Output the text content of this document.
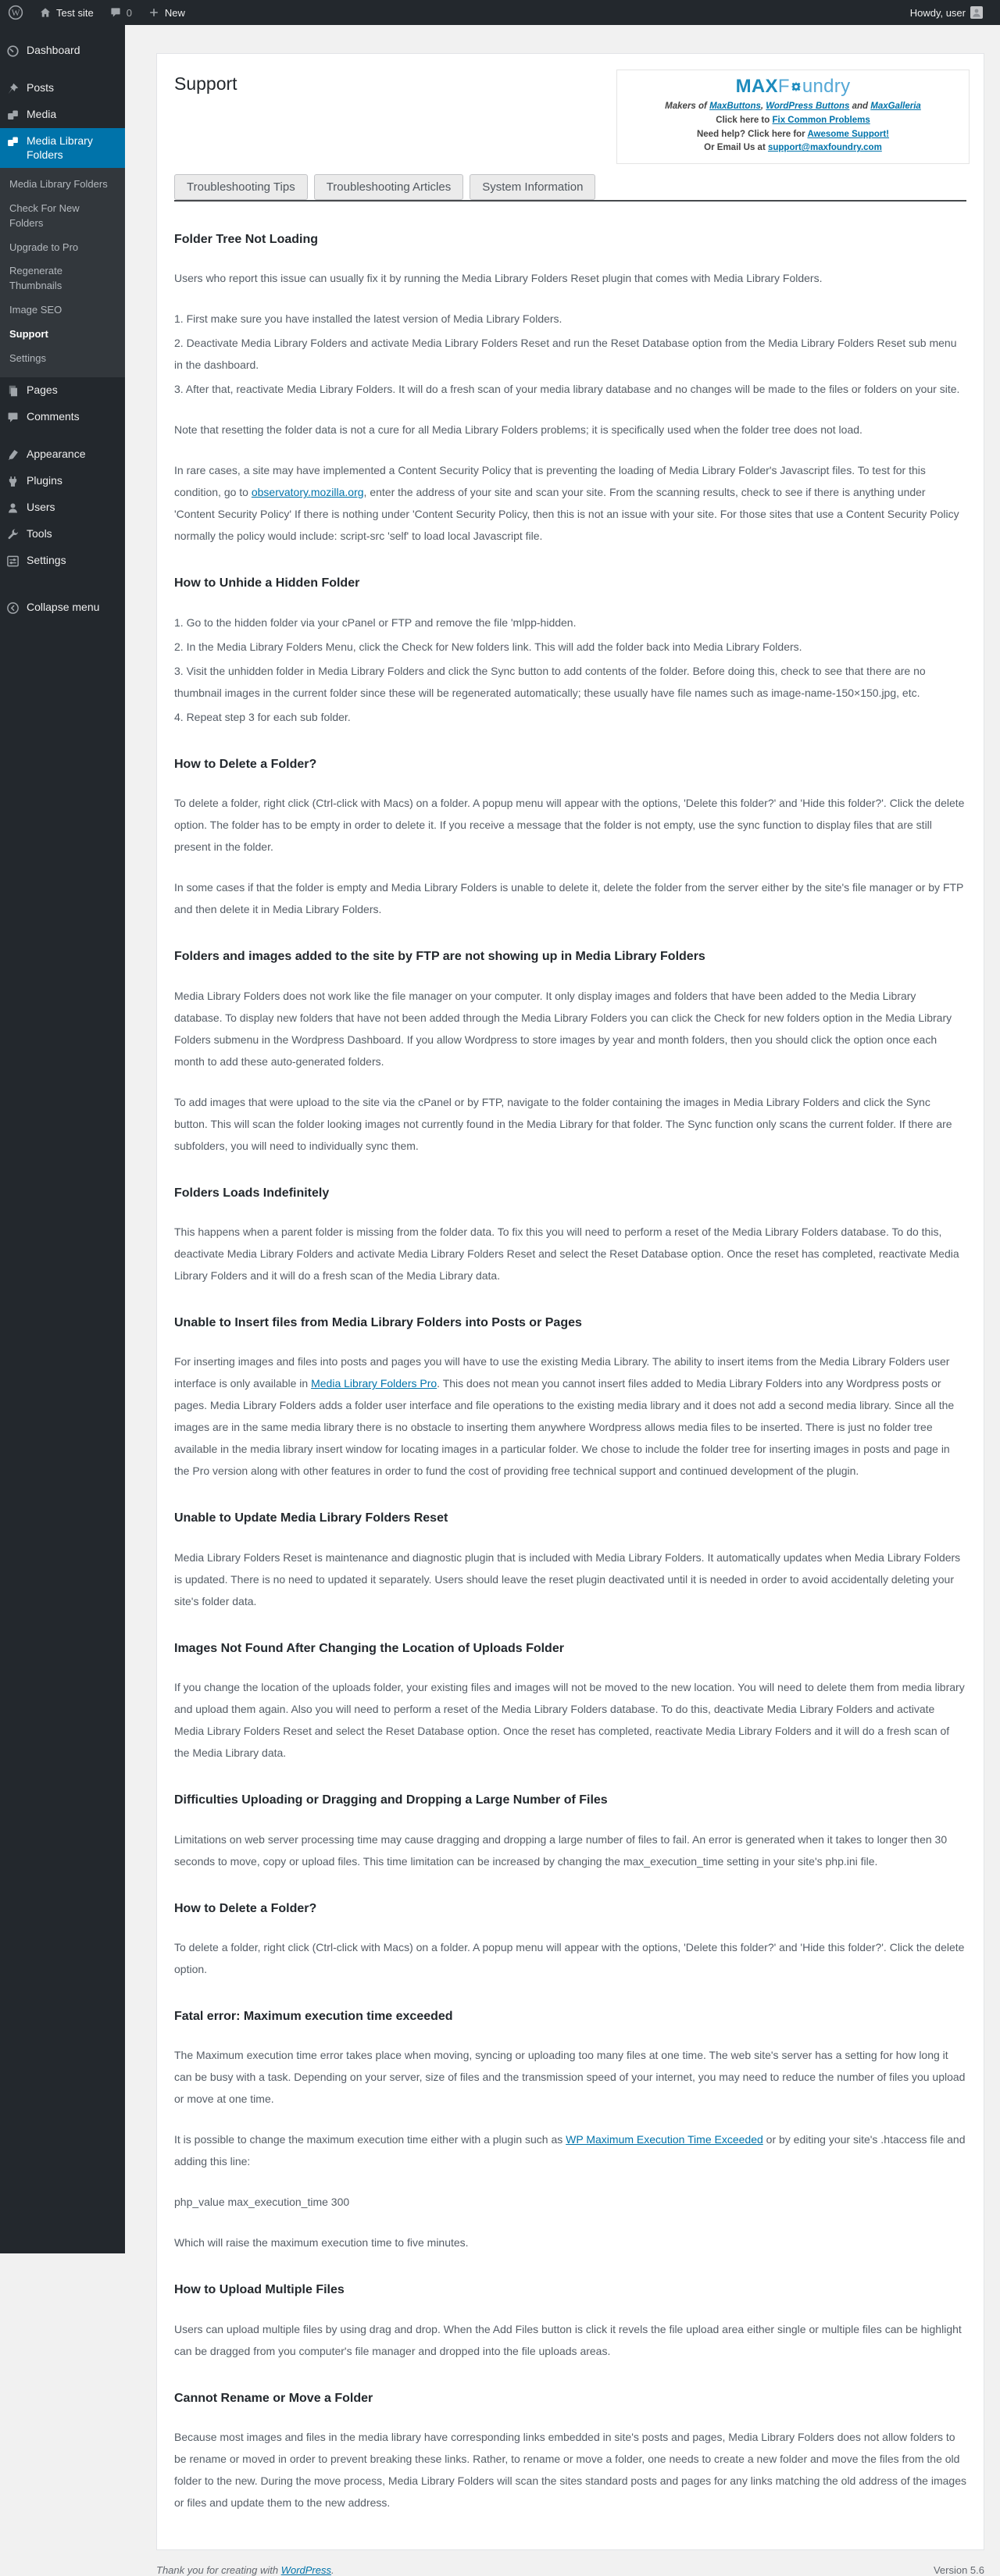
W	Test site	0	New	Howdy, user
Dashboard
Posts
Media
Media Library Folders
Media Library Folders
Check For New Folders
Upgrade to Pro
Regenerate Thumbnails
Image SEO
Support
Settings
Pages
Comments
Appearance
Plugins
Users
Tools
Settings
Collapse menu
Support	MAXF undry
Makers of MaxButtons, WordPress Buttons and MaxGalleria
Click here to Fix Common Problems
Need help? Click here for Awesome Support!
Or Email Us at support@maxfoundry.com
Troubleshooting Tips	Troubleshooting Articles	System Information
Folder Tree Not Loading
Users who report this issue can usually fix it by running the Media Library Folders Reset plugin that comes with Media Library Folders.
1. First make sure you have installed the latest version of Media Library Folders.
2. Deactivate Media Library Folders and activate Media Library Folders Reset and run the Reset Database option from the Media Library Folders Reset sub menu in the dashboard.
3. After that, reactivate Media Library Folders. It will do a fresh scan of your media library database and no changes will be made to the files or folders on your site.
Note that resetting the folder data is not a cure for all Media Library Folders problems; it is specifically used when the folder tree does not load.
In rare cases, a site may have implemented a Content Security Policy that is preventing the loading of Media Library Folder's Javascript files. To test for this condition, go to observatory.mozilla.org, enter the address of your site and scan your site. From the scanning results, check to see if there is anything under 'Content Security Policy' If there is nothing under 'Content Security Policy, then this is not an issue with your site. For those sites that use a Content Security Policy normally the policy would include: script-src 'self' to load local Javascript file.
How to Unhide a Hidden Folder
1. Go to the hidden folder via your cPanel or FTP and remove the file 'mlpp-hidden.
2. In the Media Library Folders Menu, click the Check for New folders link. This will add the folder back into Media Library Folders.
3. Visit the unhidden folder in Media Library Folders and click the Sync button to add contents of the folder. Before doing this, check to see that there are no thumbnail images in the current folder since these will be regenerated automatically; these usually have file names such as image-name-150×150.jpg, etc.
4. Repeat step 3 for each sub folder.
How to Delete a Folder?
To delete a folder, right click (Ctrl-click with Macs) on a folder. A popup menu will appear with the options, 'Delete this folder?' and 'Hide this folder?'. Click the delete option. The folder has to be empty in order to delete it. If you receive a message that the folder is not empty, use the sync function to display files that are still present in the folder.
In some cases if that the folder is empty and Media Library Folders is unable to delete it, delete the folder from the server either by the site's file manager or by FTP and then delete it in Media Library Folders.
Folders and images added to the site by FTP are not showing up in Media Library Folders
Media Library Folders does not work like the file manager on your computer. It only display images and folders that have been added to the Media Library database. To display new folders that have not been added through the Media Library Folders you can click the Check for new folders option in the Media Library Folders submenu in the Wordpress Dashboard. If you allow Wordpress to store images by year and month folders, then you should click the option once each month to add these auto-generated folders.
To add images that were upload to the site via the cPanel or by FTP, navigate to the folder containing the images in Media Library Folders and click the Sync button. This will scan the folder looking images not currently found in the Media Library for that folder. The Sync function only scans the current folder. If there are subfolders, you will need to individually sync them.
Folders Loads Indefinitely
This happens when a parent folder is missing from the folder data. To fix this you will need to perform a reset of the Media Library Folders database. To do this, deactivate Media Library Folders and activate Media Library Folders Reset and select the Reset Database option. Once the reset has completed, reactivate Media Library Folders and it will do a fresh scan of the Media Library data.
Unable to Insert files from Media Library Folders into Posts or Pages
For inserting images and files into posts and pages you will have to use the existing Media Library. The ability to insert items from the Media Library Folders user interface is only available in Media Library Folders Pro. This does not mean you cannot insert files added to Media Library Folders into any Wordpress posts or pages. Media Library Folders adds a folder user interface and file operations to the existing media library and it does not add a second media library. Since all the images are in the same media library there is no obstacle to inserting them anywhere Wordpress allows media files to be inserted. There is just no folder tree available in the media library insert window for locating images in a particular folder. We chose to include the folder tree for inserting images in posts and page in the Pro version along with other features in order to fund the cost of providing free technical support and continued development of the plugin.
Unable to Update Media Library Folders Reset
Media Library Folders Reset is maintenance and diagnostic plugin that is included with Media Library Folders. It automatically updates when Media Library Folders is updated. There is no need to updated it separately. Users should leave the reset plugin deactivated until it is needed in order to avoid accidentally deleting your site's folder data.
Images Not Found After Changing the Location of Uploads Folder
If you change the location of the uploads folder, your existing files and images will not be moved to the new location. You will need to delete them from media library and upload them again. Also you will need to perform a reset of the Media Library Folders database. To do this, deactivate Media Library Folders and activate Media Library Folders Reset and select the Reset Database option. Once the reset has completed, reactivate Media Library Folders and it will do a fresh scan of the Media Library data.
Difficulties Uploading or Dragging and Dropping a Large Number of Files
Limitations on web server processing time may cause dragging and dropping a large number of files to fail. An error is generated when it takes to longer then 30 seconds to move, copy or upload files. This time limitation can be increased by changing the max_execution_time setting in your site's php.ini file.
How to Delete a Folder?
To delete a folder, right click (Ctrl-click with Macs) on a folder. A popup menu will appear with the options, 'Delete this folder?' and 'Hide this folder?'. Click the delete option.
Fatal error: Maximum execution time exceeded
The Maximum execution time error takes place when moving, syncing or uploading too many files at one time. The web site's server has a setting for how long it can be busy with a task. Depending on your server, size of files and the transmission speed of your internet, you may need to reduce the number of files you upload or move at one time.
It is possible to change the maximum execution time either with a plugin such as WP Maximum Execution Time Exceeded or by editing your site's .htaccess file and adding this line:
php_value max_execution_time 300
Which will raise the maximum execution time to five minutes.
How to Upload Multiple Files
Users can upload multiple files by using drag and drop. When the Add Files button is click it revels the file upload area either single or multiple files can be highlight can be dragged from you computer's file manager and dropped into the file uploads areas.
Cannot Rename or Move a Folder
Because most images and files in the media library have corresponding links embedded in site's posts and pages, Media Library Folders does not allow folders to be rename or moved in order to prevent breaking these links. Rather, to rename or move a folder, one needs to create a new folder and move the files from the old folder to the new. During the move process, Media Library Folders will scan the sites standard posts and pages for any links matching the old address of the images or files and update them to the new address.
Thank you for creating with WordPress.	Version 5.6
